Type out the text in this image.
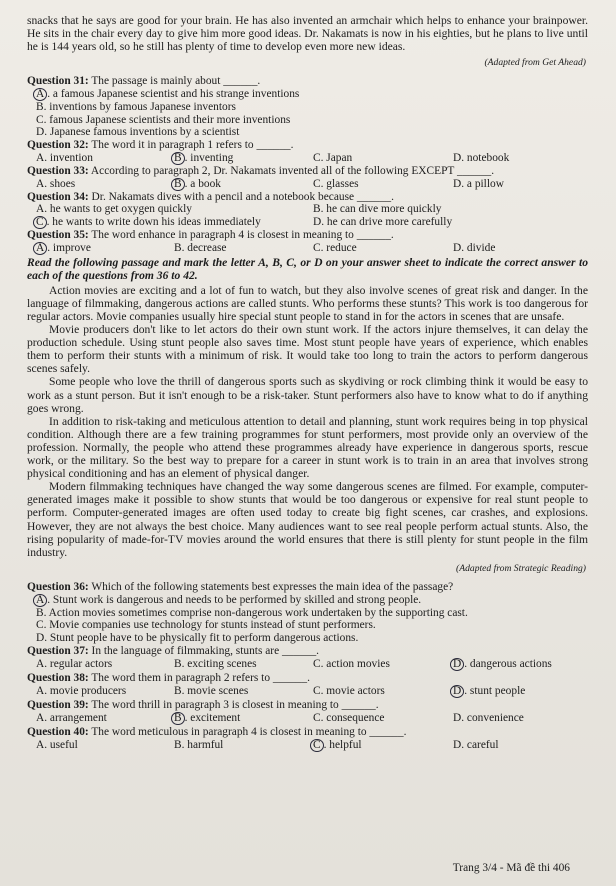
snacks that he says are good for your brain. He has also invented an armchair which helps to enhance your brainpower. He sits in the chair every day to give him more good ideas. Dr. Nakamats is now in his eighties, but he plans to live until he is 144 years old, so he still has plenty of time to develop even more new ideas.

(Adapted from Get Ahead)
Question 31: The passage is mainly about ______.
A . a famous Japanese scientist and his strange inventions
B. inventions by famous Japanese inventors
C. famous Japanese scientists and their more inventions
D. Japanese famous inventions by a scientist
Question 32: The word it in paragraph 1 refers to ______.
A. invention	B . inventing	C. Japan	D. notebook
Question 33: According to paragraph 2, Dr. Nakamats invented all of the following EXCEPT ______.
A. shoes	B . a book	C. glasses	D. a pillow
Question 34: Dr. Nakamats dives with a pencil and a notebook because ______.
A. he wants to get oxygen quickly	B. he can dive more quickly
C . he wants to write down his ideas immediately	D. he can drive more carefully
Question 35: The word enhance in paragraph 4 is closest in meaning to ______.
A . improve	B. decrease	C. reduce	D. divide
Read the following passage and mark the letter A, B, C, or D on your answer sheet to indicate the correct answer to each of the questions from 36 to 42.

Action movies are exciting and a lot of fun to watch, but they also involve scenes of great risk and danger. In the language of filmmaking, dangerous actions are called stunts. Who performs these stunts? This work is too dangerous for regular actors. Movie companies usually hire special stunt people to stand in for the actors in scenes that are unsafe.

Movie producers don't like to let actors do their own stunt work. If the actors injure themselves, it can delay the production schedule. Using stunt people also saves time. Most stunt people have years of experience, which enables them to perform their stunts with a minimum of risk. It would take too long to train the actors to perform dangerous scenes safely.

Some people who love the thrill of dangerous sports such as skydiving or rock climbing think it would be easy to work as a stunt person. But it isn't enough to be a risk-taker. Stunt performers also have to know what to do if anything goes wrong.

In addition to risk-taking and meticulous attention to detail and planning, stunt work requires being in top physical condition. Although there are a few training programmes for stunt performers, most provide only an overview of the profession. Normally, the people who attend these programmes already have experience in dangerous sports, rescue work, or the military. So the best way to prepare for a career in stunt work is to train in an area that involves strong physical conditioning and has an element of physical danger.

Modern filmmaking techniques have changed the way some dangerous scenes are filmed. For example, computer-generated images make it possible to show stunts that would be too dangerous or expensive for real stunt people to perform. Computer-generated images are often used today to create big fight scenes, car crashes, and explosions. However, they are not always the best choice. Many audiences want to see real people perform actual stunts. Also, the rising popularity of made-for-TV movies around the world ensures that there is still plenty for stunt people in the film industry.

(Adapted from Strategic Reading)
Question 36: Which of the following statements best expresses the main idea of the passage?
A . Stunt work is dangerous and needs to be performed by skilled and strong people.
B. Action movies sometimes comprise non-dangerous work undertaken by the supporting cast.
C. Movie companies use technology for stunts instead of stunt performers.
D. Stunt people have to be physically fit to perform dangerous actions.
Question 37: In the language of filmmaking, stunts are ______.
A. regular actors	B. exciting scenes	C. action movies	D . dangerous actions
Question 38: The word them in paragraph 2 refers to ______.
A. movie producers	B. movie scenes	C. movie actors	D . stunt people
Question 39: The word thrill in paragraph 3 is closest in meaning to ______.
A. arrangement	B . excitement	C. consequence	D. convenience
Question 40: The word meticulous in paragraph 4 is closest in meaning to ______.
A. useful	B. harmful	C . helpful	D. careful
Trang 3/4 - Mã đề thi 406
